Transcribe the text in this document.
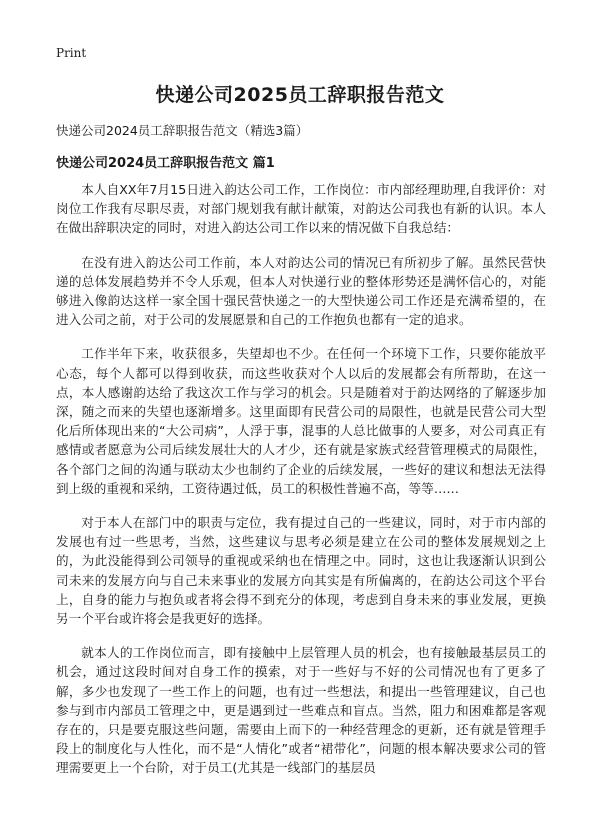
Print
快递公司2025员工辞职报告范文

快递公司2024员工辞职报告范文（精选3篇）

快递公司2024员工辞职报告范文 篇1

本人自XX年7月15日进入韵达公司工作，工作岗位：市内部经理助理,自我评价：对岗位工作我有尽职尽责，对部门规划我有献计献策，对韵达公司我也有新的认识。本人在做出辞职决定的同时，对进入韵达公司工作以来的情况做下自我总结：

在没有进入韵达公司工作前，本人对韵达公司的情况已有所初步了解。虽然民营快递的总体发展趋势并不令人乐观，但本人对快递行业的整体形势还是满怀信心的，对能够进入像韵达这样一家全国十强民营快递之一的大型快递公司工作还是充满希望的，在进入公司之前，对于公司的发展愿景和自己的工作抱负也都有一定的追求。

工作半年下来，收获很多，失望却也不少。在任何一个环境下工作，只要你能放平心态，每个人都可以得到收获，而这些收获对个人以后的发展都会有所帮助，在这一点，本人感谢韵达给了我这次工作与学习的机会。只是随着对于韵达网络的了解逐步加深，随之而来的失望也逐渐增多。这里面即有民营公司的局限性，也就是民营公司大型化后所体现出来的“大公司病”，人浮于事，混事的人总比做事的人要多，对公司真正有感情或者愿意为公司后续发展壮大的人才少，还有就是家族式经营管理模式的局限性，各个部门之间的沟通与联动太少也制约了企业的后续发展，一些好的建议和想法无法得到上级的重视和采纳，工资待遇过低，员工的积极性普遍不高，等等……

对于本人在部门中的职责与定位，我有提过自己的一些建议，同时，对于市内部的发展也有过一些思考，当然，这些建议与思考必须是建立在公司的整体发展规划之上的，为此没能得到公司领导的重视或采纳也在情理之中。同时，这也让我逐渐认识到公司未来的发展方向与自己未来事业的发展方向其实是有所偏离的，在韵达公司这个平台上，自身的能力与抱负或者将会得不到充分的体现，考虑到自身未来的事业发展，更换另一个平台或许将会是我更好的选择。

就本人的工作岗位而言，即有接触中上层管理人员的机会，也有接触最基层员工的机会，通过这段时间对自身工作的摸索，对于一些好与不好的公司情况也有了更多了解，多少也发现了一些工作上的问题，也有过一些想法，和提出一些管理建议，自己也参与到市内部员工管理之中，更是遇到过一些难点和盲点。当然，阻力和困难都是客观存在的，只是要克服这些问题，需要由上而下的一种经营理念的更新，还有就是管理手段上的制度化与人性化，而不是“人情化”或者“裙带化”，问题的根本解决要求公司的管理需要更上一个台阶，对于员工(尤其是一线部门的基层员
